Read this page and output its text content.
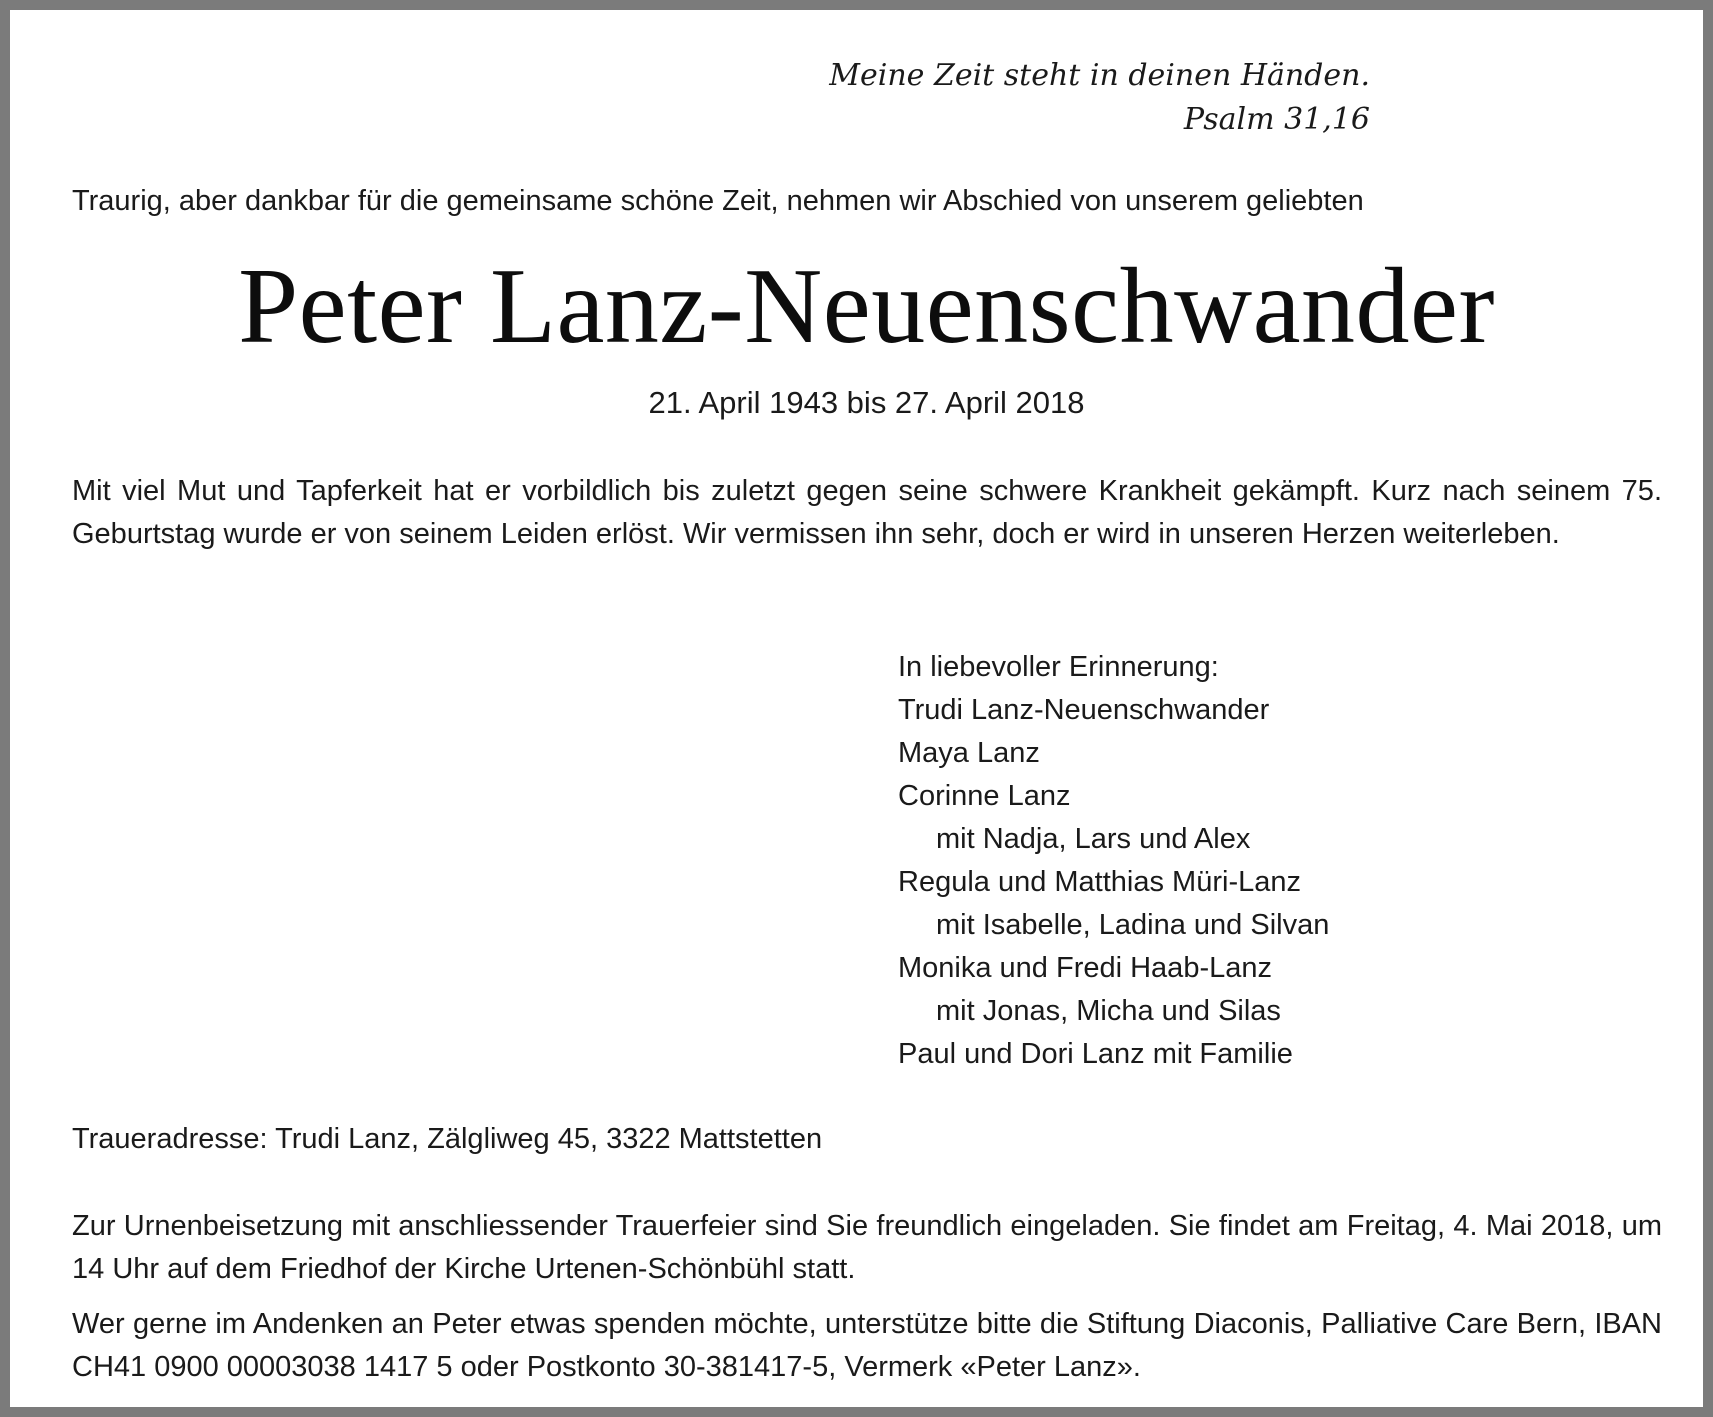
Meine Zeit steht in deinen Händen.
Psalm 31,16
Traurig, aber dankbar für die gemeinsame schöne Zeit, nehmen wir Abschied von unserem geliebten
Peter Lanz-Neuenschwander
21. April 1943 bis 27. April 2018
Mit viel Mut und Tapferkeit hat er vorbildlich bis zuletzt gegen seine schwere Krankheit gekämpft. Kurz nach seinem 75. Geburtstag wurde er von seinem Leiden erlöst. Wir vermissen ihn sehr, doch er wird in unseren Herzen weiterleben.
In liebevoller Erinnerung:
Trudi Lanz-Neuenschwander
Maya Lanz
Corinne Lanz
mit Nadja, Lars und Alex
Regula und Matthias Müri-Lanz
mit Isabelle, Ladina und Silvan
Monika und Fredi Haab-Lanz
mit Jonas, Micha und Silas
Paul und Dori Lanz mit Familie
Traueradresse: Trudi Lanz, Zälgliweg 45, 3322 Mattstetten
Zur Urnenbeisetzung mit anschliessender Trauerfeier sind Sie freundlich eingeladen. Sie findet am Freitag, 4. Mai 2018, um 14 Uhr auf dem Friedhof der Kirche Urtenen-Schönbühl statt.
Wer gerne im Andenken an Peter etwas spenden möchte, unterstütze bitte die Stiftung Diaconis, Palliative Care Bern, IBAN CH41 0900 00003038 1417 5 oder Postkonto 30-381417-5, Vermerk «Peter Lanz».
